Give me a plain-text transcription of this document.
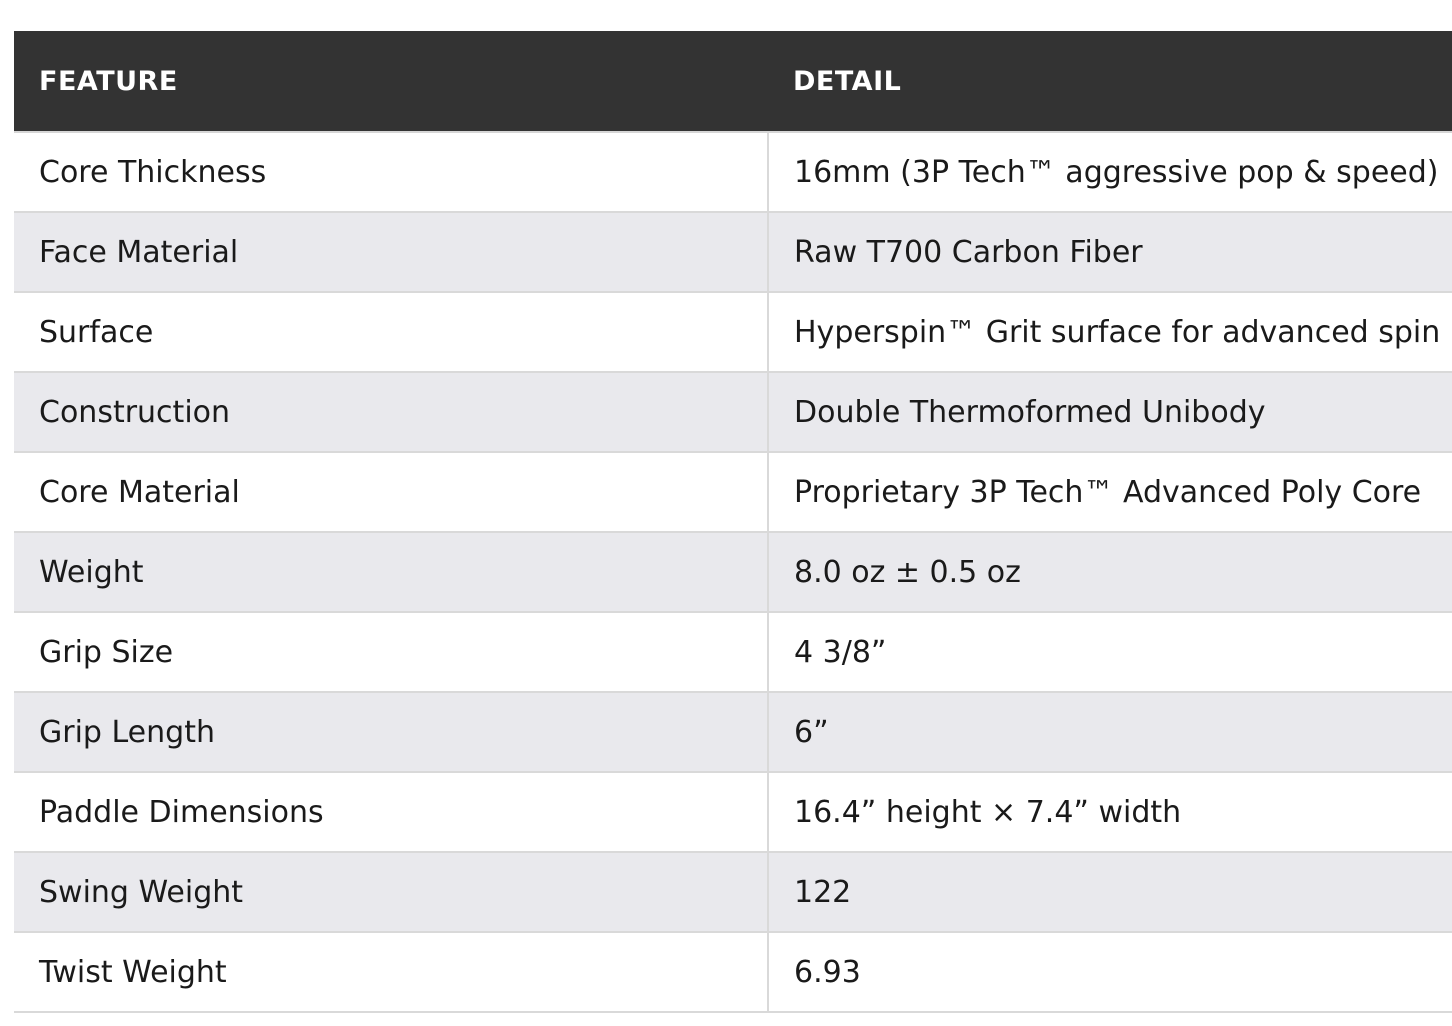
FEATURE	DETAIL
Core Thickness	16mm (3P Tech™ aggressive pop & speed)
Face Material	Raw T700 Carbon Fiber
Surface	Hyperspin™ Grit surface for advanced spin
Construction	Double Thermoformed Unibody
Core Material	Proprietary 3P Tech™ Advanced Poly Core
Weight	8.0 oz ± 0.5 oz
Grip Size	4 3/8”
Grip Length	6”
Paddle Dimensions	16.4” height × 7.4” width
Swing Weight	122
Twist Weight	6.93
